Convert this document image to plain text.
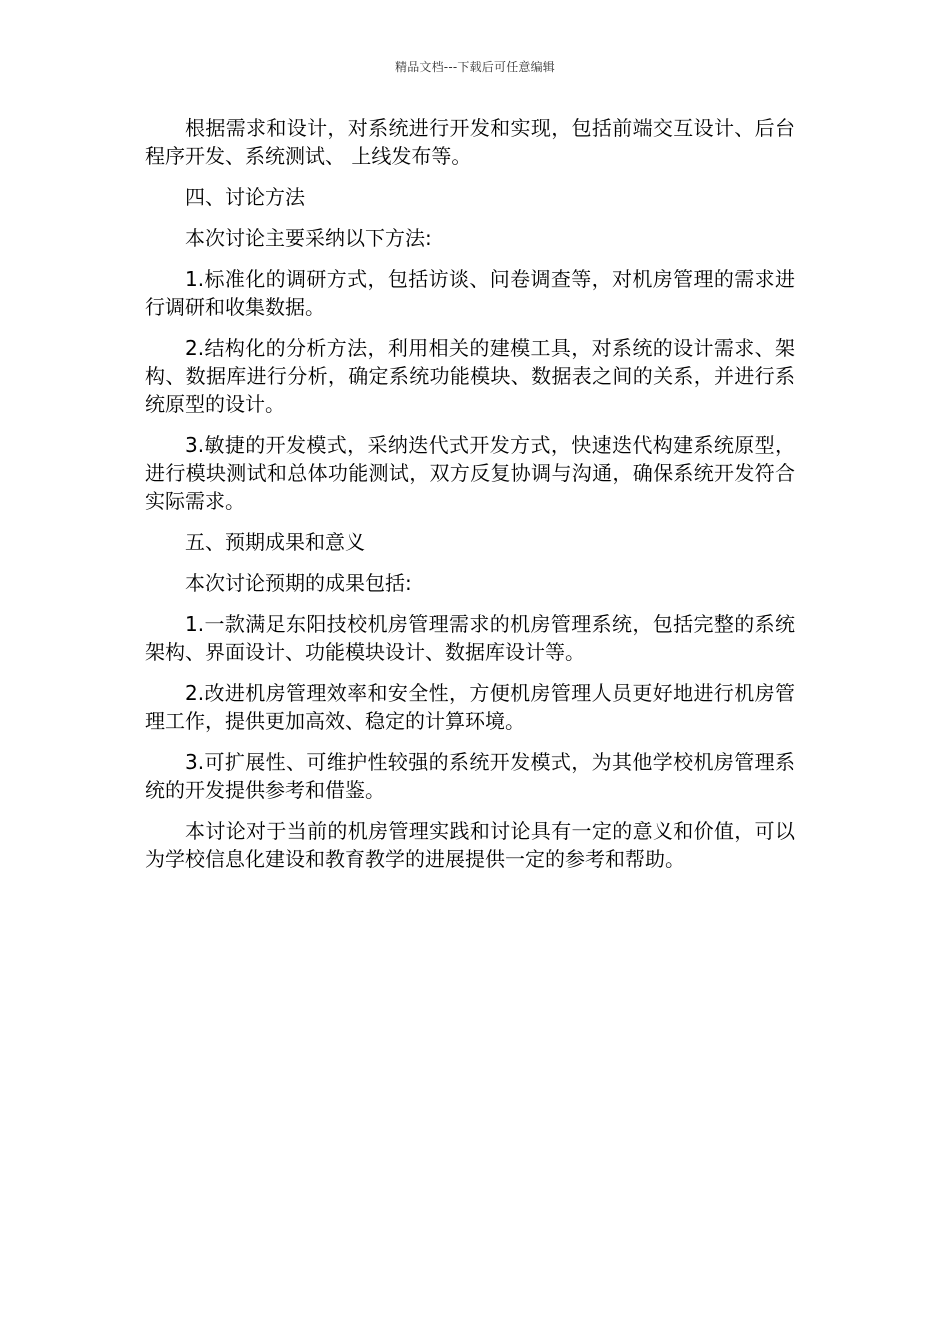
精品文档---下载后可任意编辑

根据需求和设计，对系统进行开发和实现，包括前端交互设计、后台程序开发、系统测试、 上线发布等。

四、讨论方法

本次讨论主要采纳以下方法:

1.标准化的调研方式，包括访谈、问卷调查等，对机房管理的需求进行调研和收集数据。

2.结构化的分析方法，利用相关的建模工具，对系统的设计需求、架构、数据库进行分析，确定系统功能模块、数据表之间的关系，并进行系统原型的设计。

3.敏捷的开发模式，采纳迭代式开发方式，快速迭代构建系统原型，进行模块测试和总体功能测试，双方反复协调与沟通，确保系统开发符合实际需求。

五、预期成果和意义

本次讨论预期的成果包括:

1.一款满足东阳技校机房管理需求的机房管理系统，包括完整的系统架构、界面设计、功能模块设计、数据库设计等。

2.改进机房管理效率和安全性，方便机房管理人员更好地进行机房管理工作，提供更加高效、稳定的计算环境。

3.可扩展性、可维护性较强的系统开发模式，为其他学校机房管理系统的开发提供参考和借鉴。

本讨论对于当前的机房管理实践和讨论具有一定的意义和价值，可以为学校信息化建设和教育教学的进展提供一定的参考和帮助。
